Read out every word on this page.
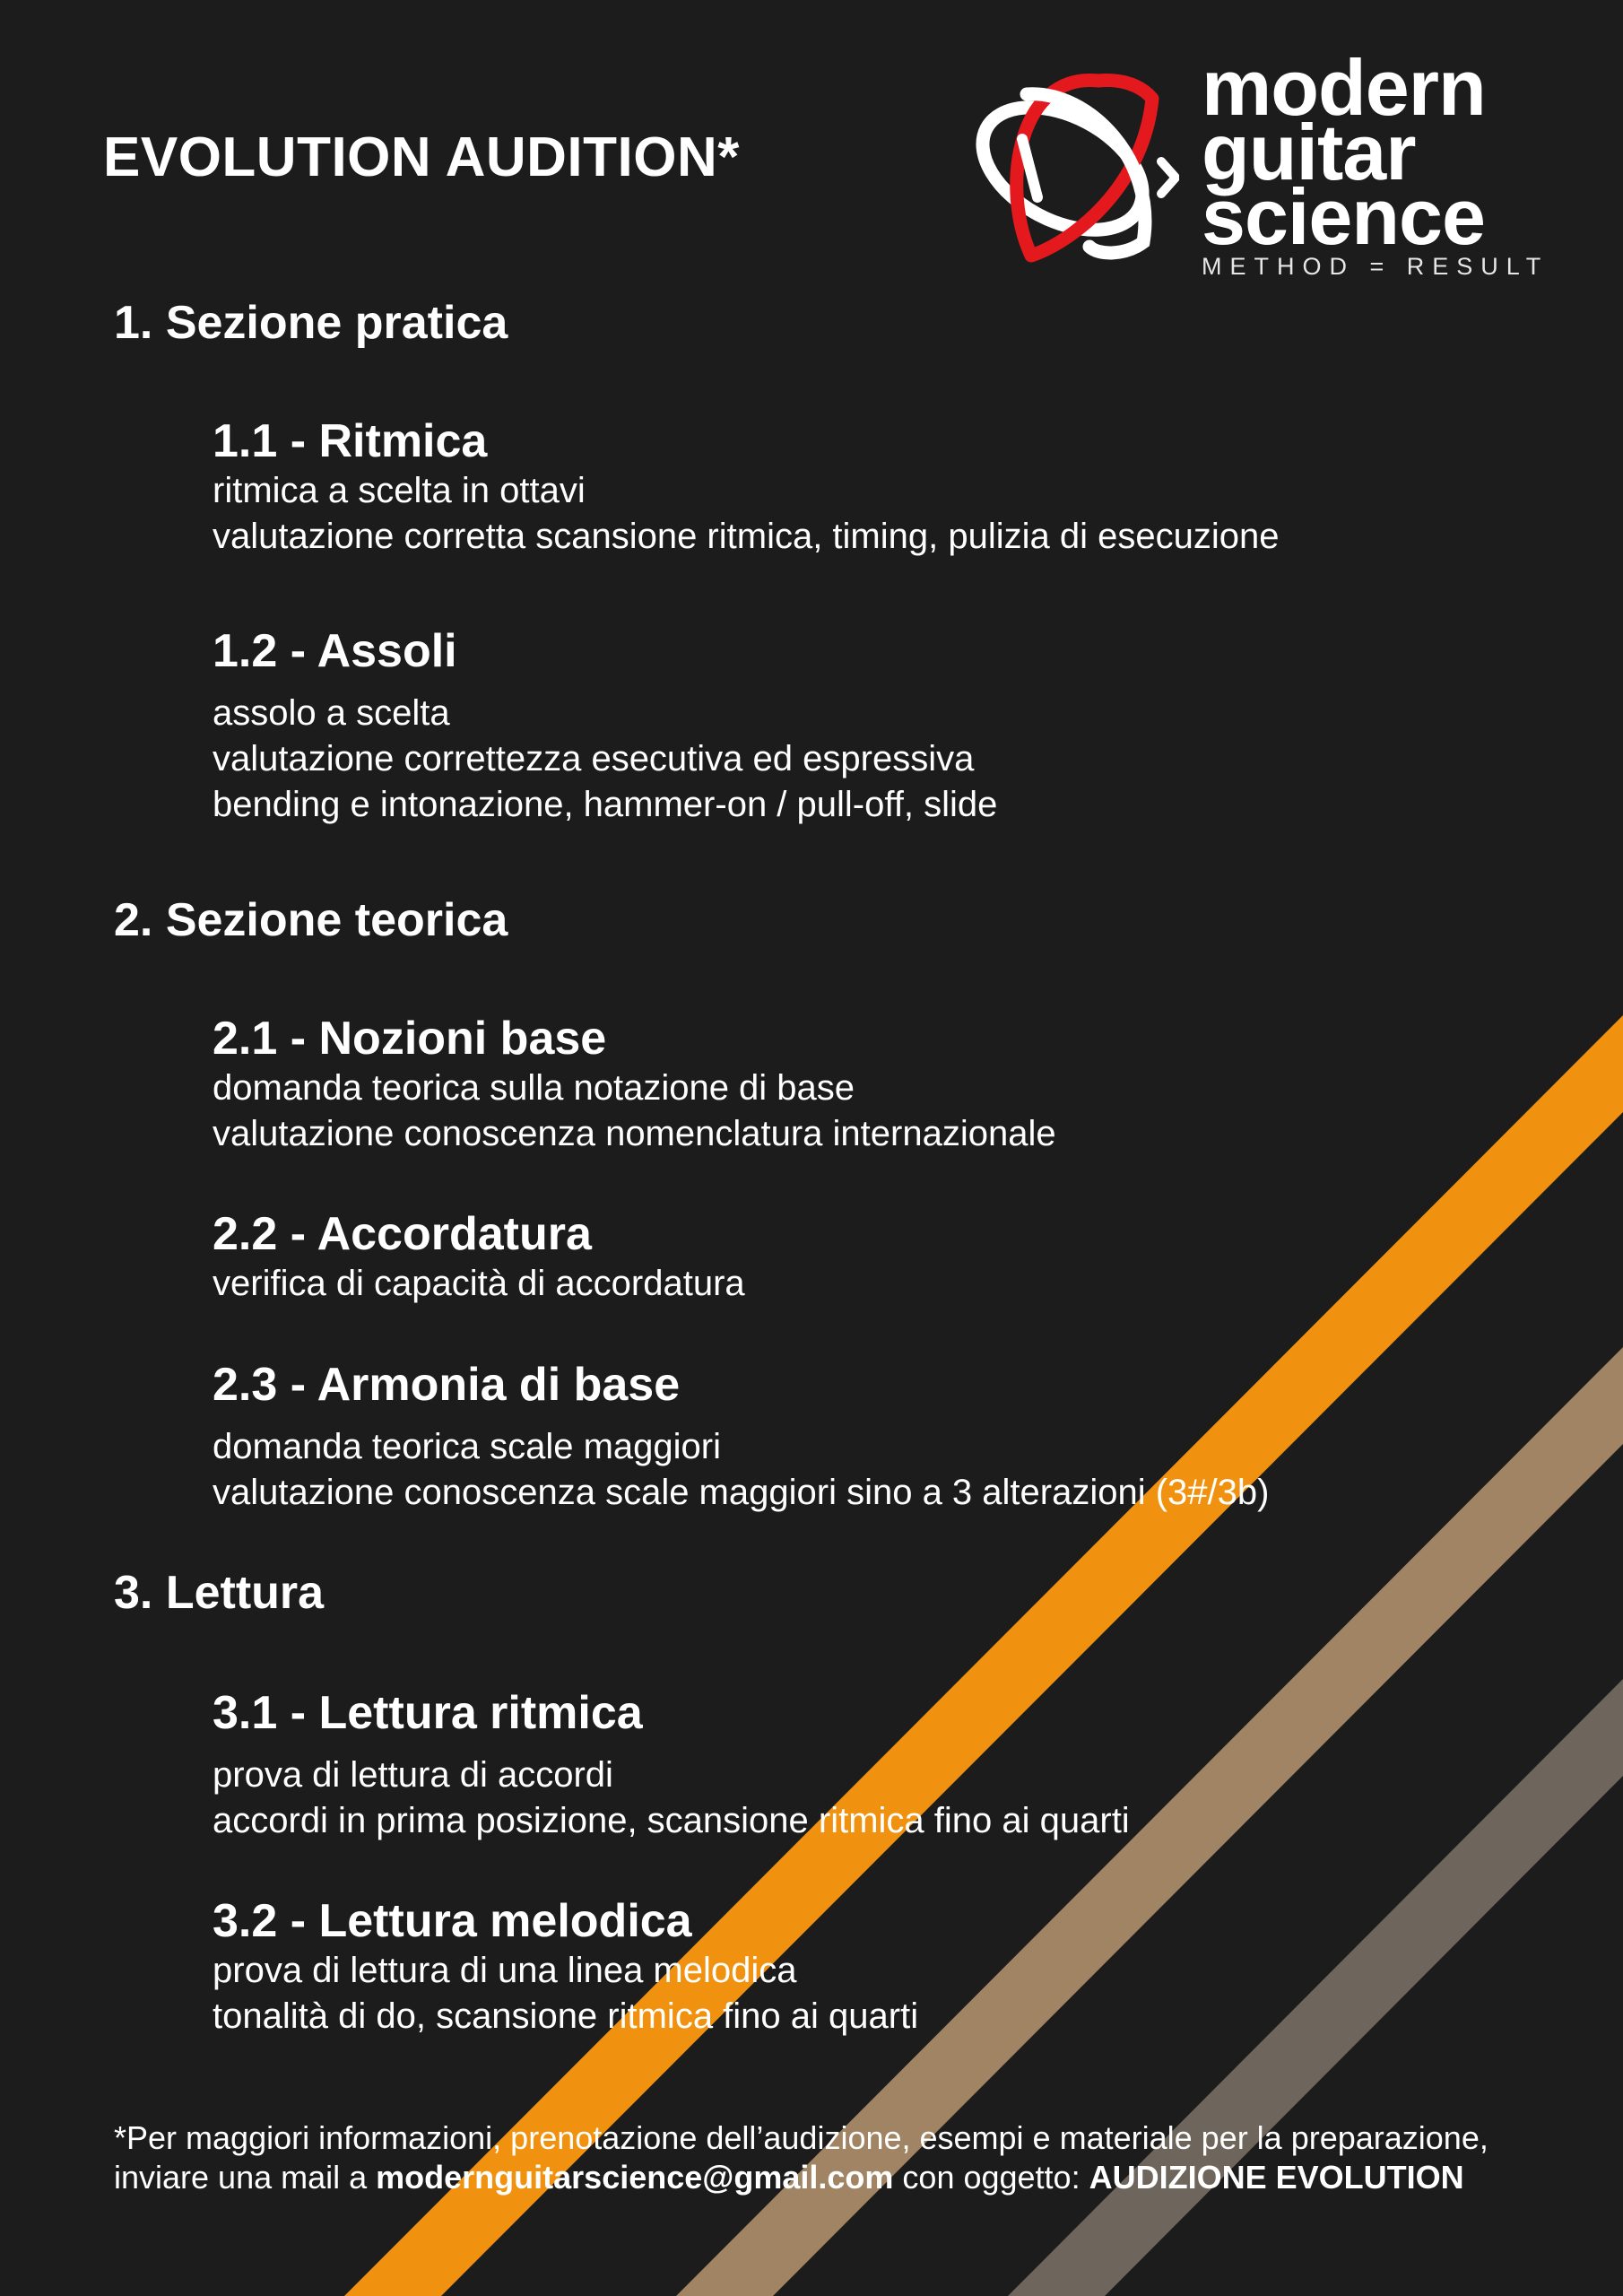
EVOLUTION AUDITION*
modern
guitar
science
METHOD = RESULT
1. Sezione pratica
1.1 - Ritmica
ritmica a scelta in ottavi
valutazione corretta scansione ritmica, timing, pulizia di esecuzione
1.2 - Assoli
assolo a scelta
valutazione correttezza esecutiva ed espressiva
bending e intonazione, hammer-on / pull-off, slide
2. Sezione teorica
2.1 - Nozioni base
domanda teorica sulla notazione di base
valutazione conoscenza nomenclatura internazionale
2.2 - Accordatura
verifica di capacità di accordatura
2.3 - Armonia di base
domanda teorica scale maggiori
valutazione conoscenza scale maggiori sino a 3 alterazioni (3#/3b)
3. Lettura
3.1 - Lettura ritmica
prova di lettura di accordi
accordi in prima posizione, scansione ritmica fino ai quarti
3.2 - Lettura melodica
prova di lettura di una linea melodica
tonalità di do, scansione ritmica fino ai quarti
*Per maggiori informazioni, prenotazione dell’audizione, esempi e materiale per la preparazione,
inviare una mail a modernguitarscience@gmail.com con oggetto: AUDIZIONE EVOLUTION
